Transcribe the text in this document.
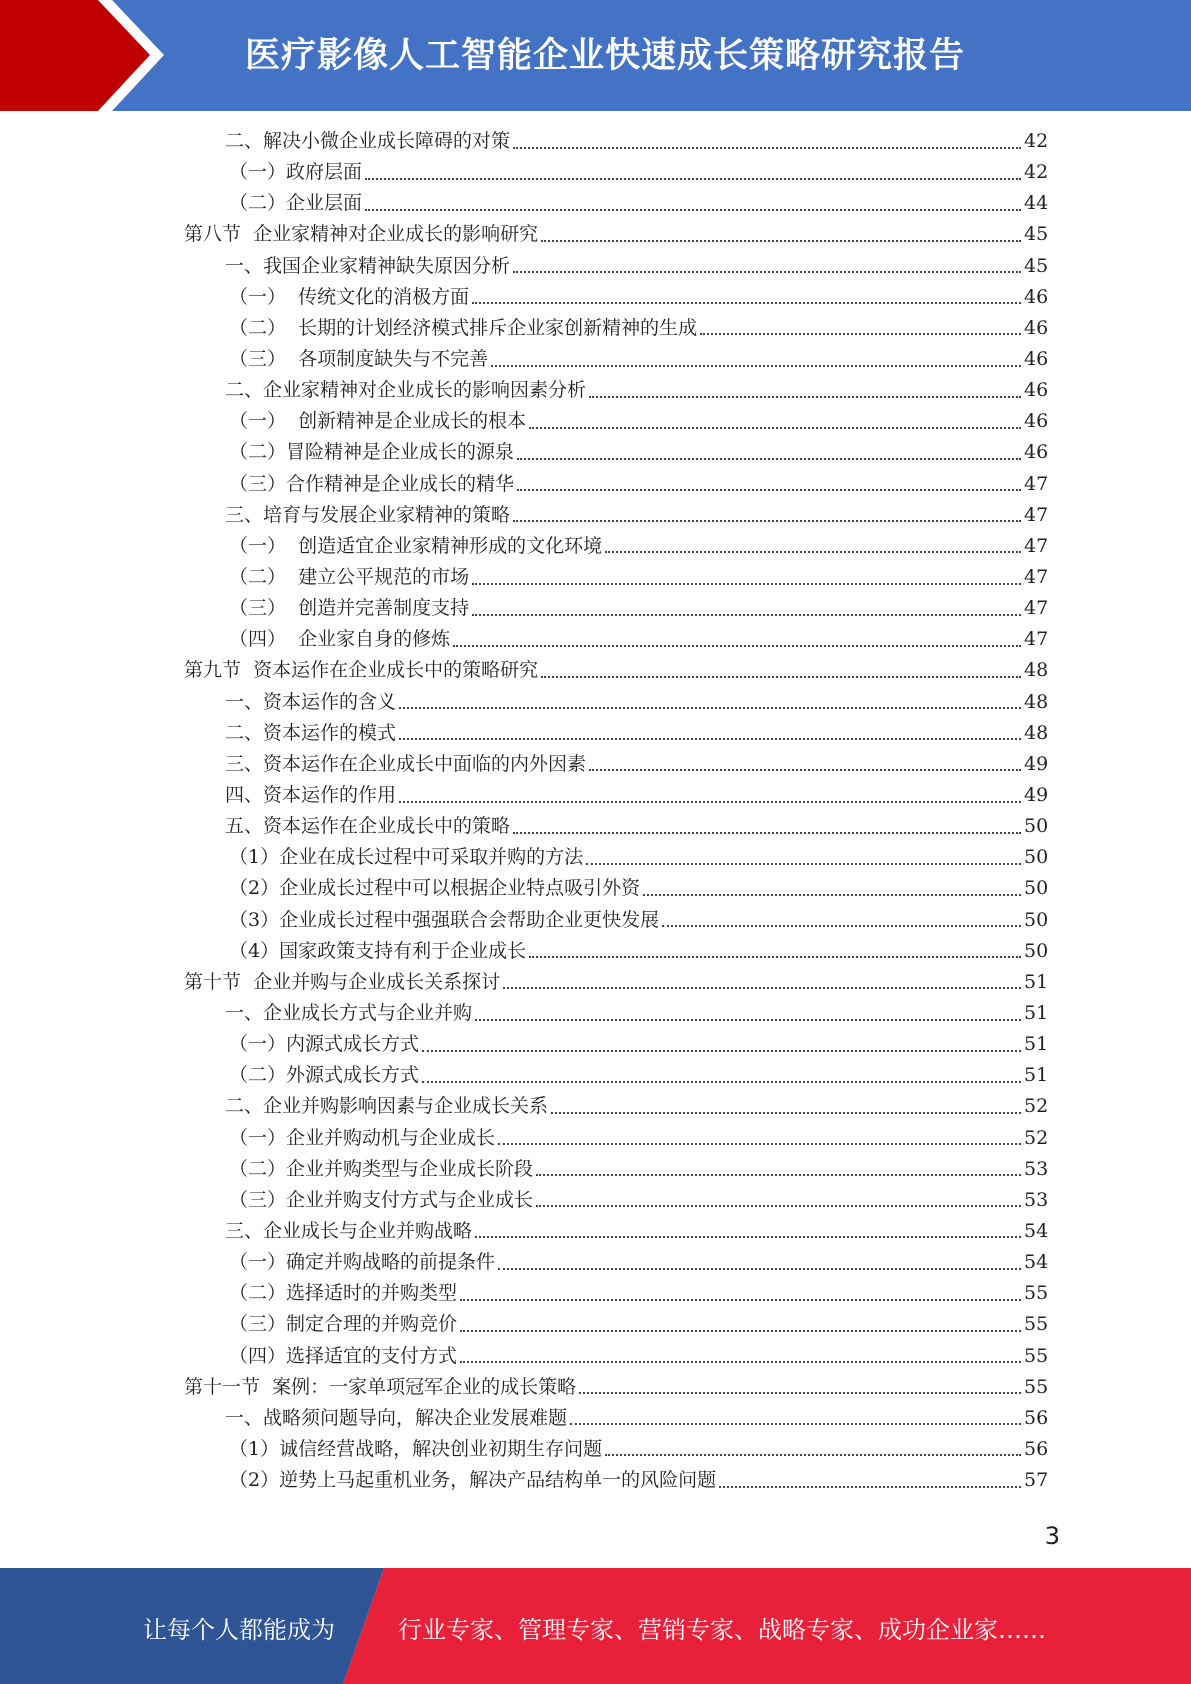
医疗影像人工智能企业快速成长策略研究报告
二、解决小微企业成长障碍的对策	42
（一）政府层面	42
（二）企业层面	44
第八节  企业家精神对企业成长的影响研究	45
一、我国企业家精神缺失原因分析	45
（一）  传统文化的消极方面	46
（二）  长期的计划经济模式排斥企业家创新精神的生成	46
（三）  各项制度缺失与不完善	46
二、企业家精神对企业成长的影响因素分析	46
（一）  创新精神是企业成长的根本	46
（二）冒险精神是企业成长的源泉	46
（三）合作精神是企业成长的精华	47
三、培育与发展企业家精神的策略	47
（一）  创造适宜企业家精神形成的文化环境	47
（二）  建立公平规范的市场	47
（三）  创造并完善制度支持	47
（四）  企业家自身的修炼	47
第九节  资本运作在企业成长中的策略研究	48
一、资本运作的含义	48
二、资本运作的模式	48
三、资本运作在企业成长中面临的内外因素	49
四、资本运作的作用	49
五、资本运作在企业成长中的策略	50
（1）企业在成长过程中可采取并购的方法	50
（2）企业成长过程中可以根据企业特点吸引外资	50
（3）企业成长过程中强强联合会帮助企业更快发展	50
（4）国家政策支持有利于企业成长	50
第十节  企业并购与企业成长关系探讨	51
一、企业成长方式与企业并购	51
（一）内源式成长方式	51
（二）外源式成长方式	51
二、企业并购影响因素与企业成长关系	52
（一）企业并购动机与企业成长	52
（二）企业并购类型与企业成长阶段	53
（三）企业并购支付方式与企业成长	53
三、企业成长与企业并购战略	54
（一）确定并购战略的前提条件	54
（二）选择适时的并购类型	55
（三）制定合理的并购竞价	55
（四）选择适宜的支付方式	55
第十一节  案例：一家单项冠军企业的成长策略	55
一、战略须问题导向，解决企业发展难题	56
（1）诚信经营战略，解决创业初期生存问题	56
（2）逆势上马起重机业务，解决产品结构单一的风险问题	57
3
让每个人都能成为	行业专家、管理专家、营销专家、战略专家、成功企业家……
